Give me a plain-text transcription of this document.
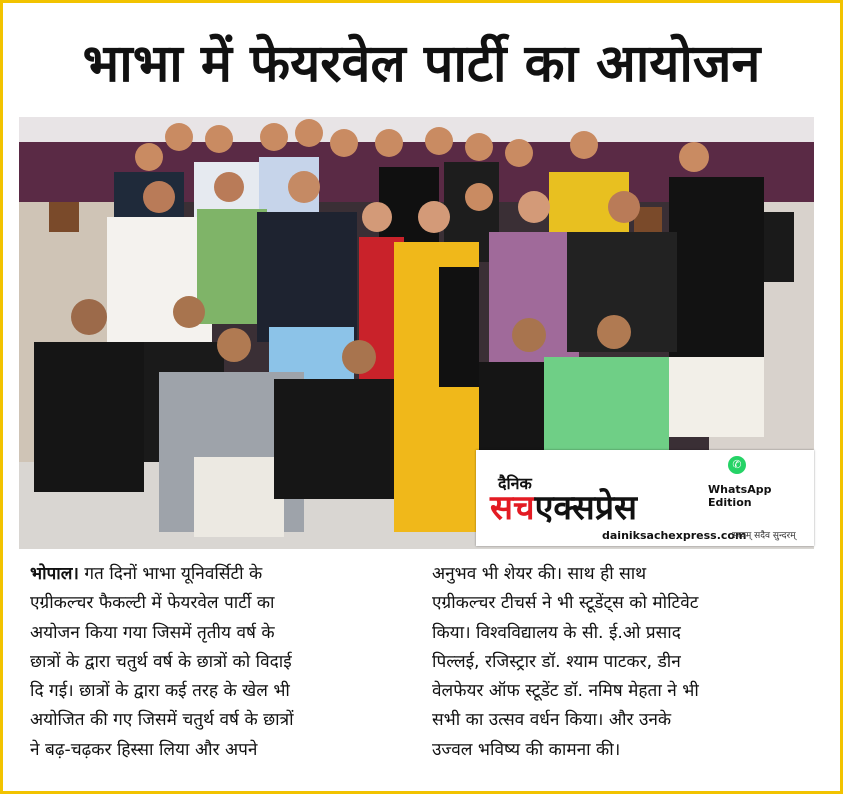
भाभा में फेयरवेल पार्टी का आयोजन
✆
दैनिक	WhatsApp Edition
सचएक्सप्रेस
dainiksachexpress.com
सत्यम् सदैव सुन्दरम्
भोपाल। गत दिनों भाभा यूनिवर्सिटी के
एग्रीकल्चर फैकल्टी में फेयरवेल पार्टी का
अयोजन किया गया जिसमें तृतीय वर्ष के
छात्रों के द्वारा चतुर्थ वर्ष के छात्रों को विदाई
दि गई। छात्रों के द्वारा कई तरह के खेल भी
अयोजित की गए जिसमें चतुर्थ वर्ष के छात्रों
ने बढ़-चढ़कर हिस्सा लिया और अपने
अनुभव भी शेयर की। साथ ही साथ
एग्रीकल्चर टीचर्स ने भी स्टूडेंट्स को मोटिवेट
किया। विश्वविद्यालय के सी. ई.ओ प्रसाद
पिल्लई, रजिस्ट्रार डॉ. श्याम पाटकर, डीन
वेलफेयर ऑफ स्टूडेंट डॉ. नमिष मेहता ने भी
सभी का उत्सव वर्धन किया। और उनके
उज्वल भविष्य की कामना की।
